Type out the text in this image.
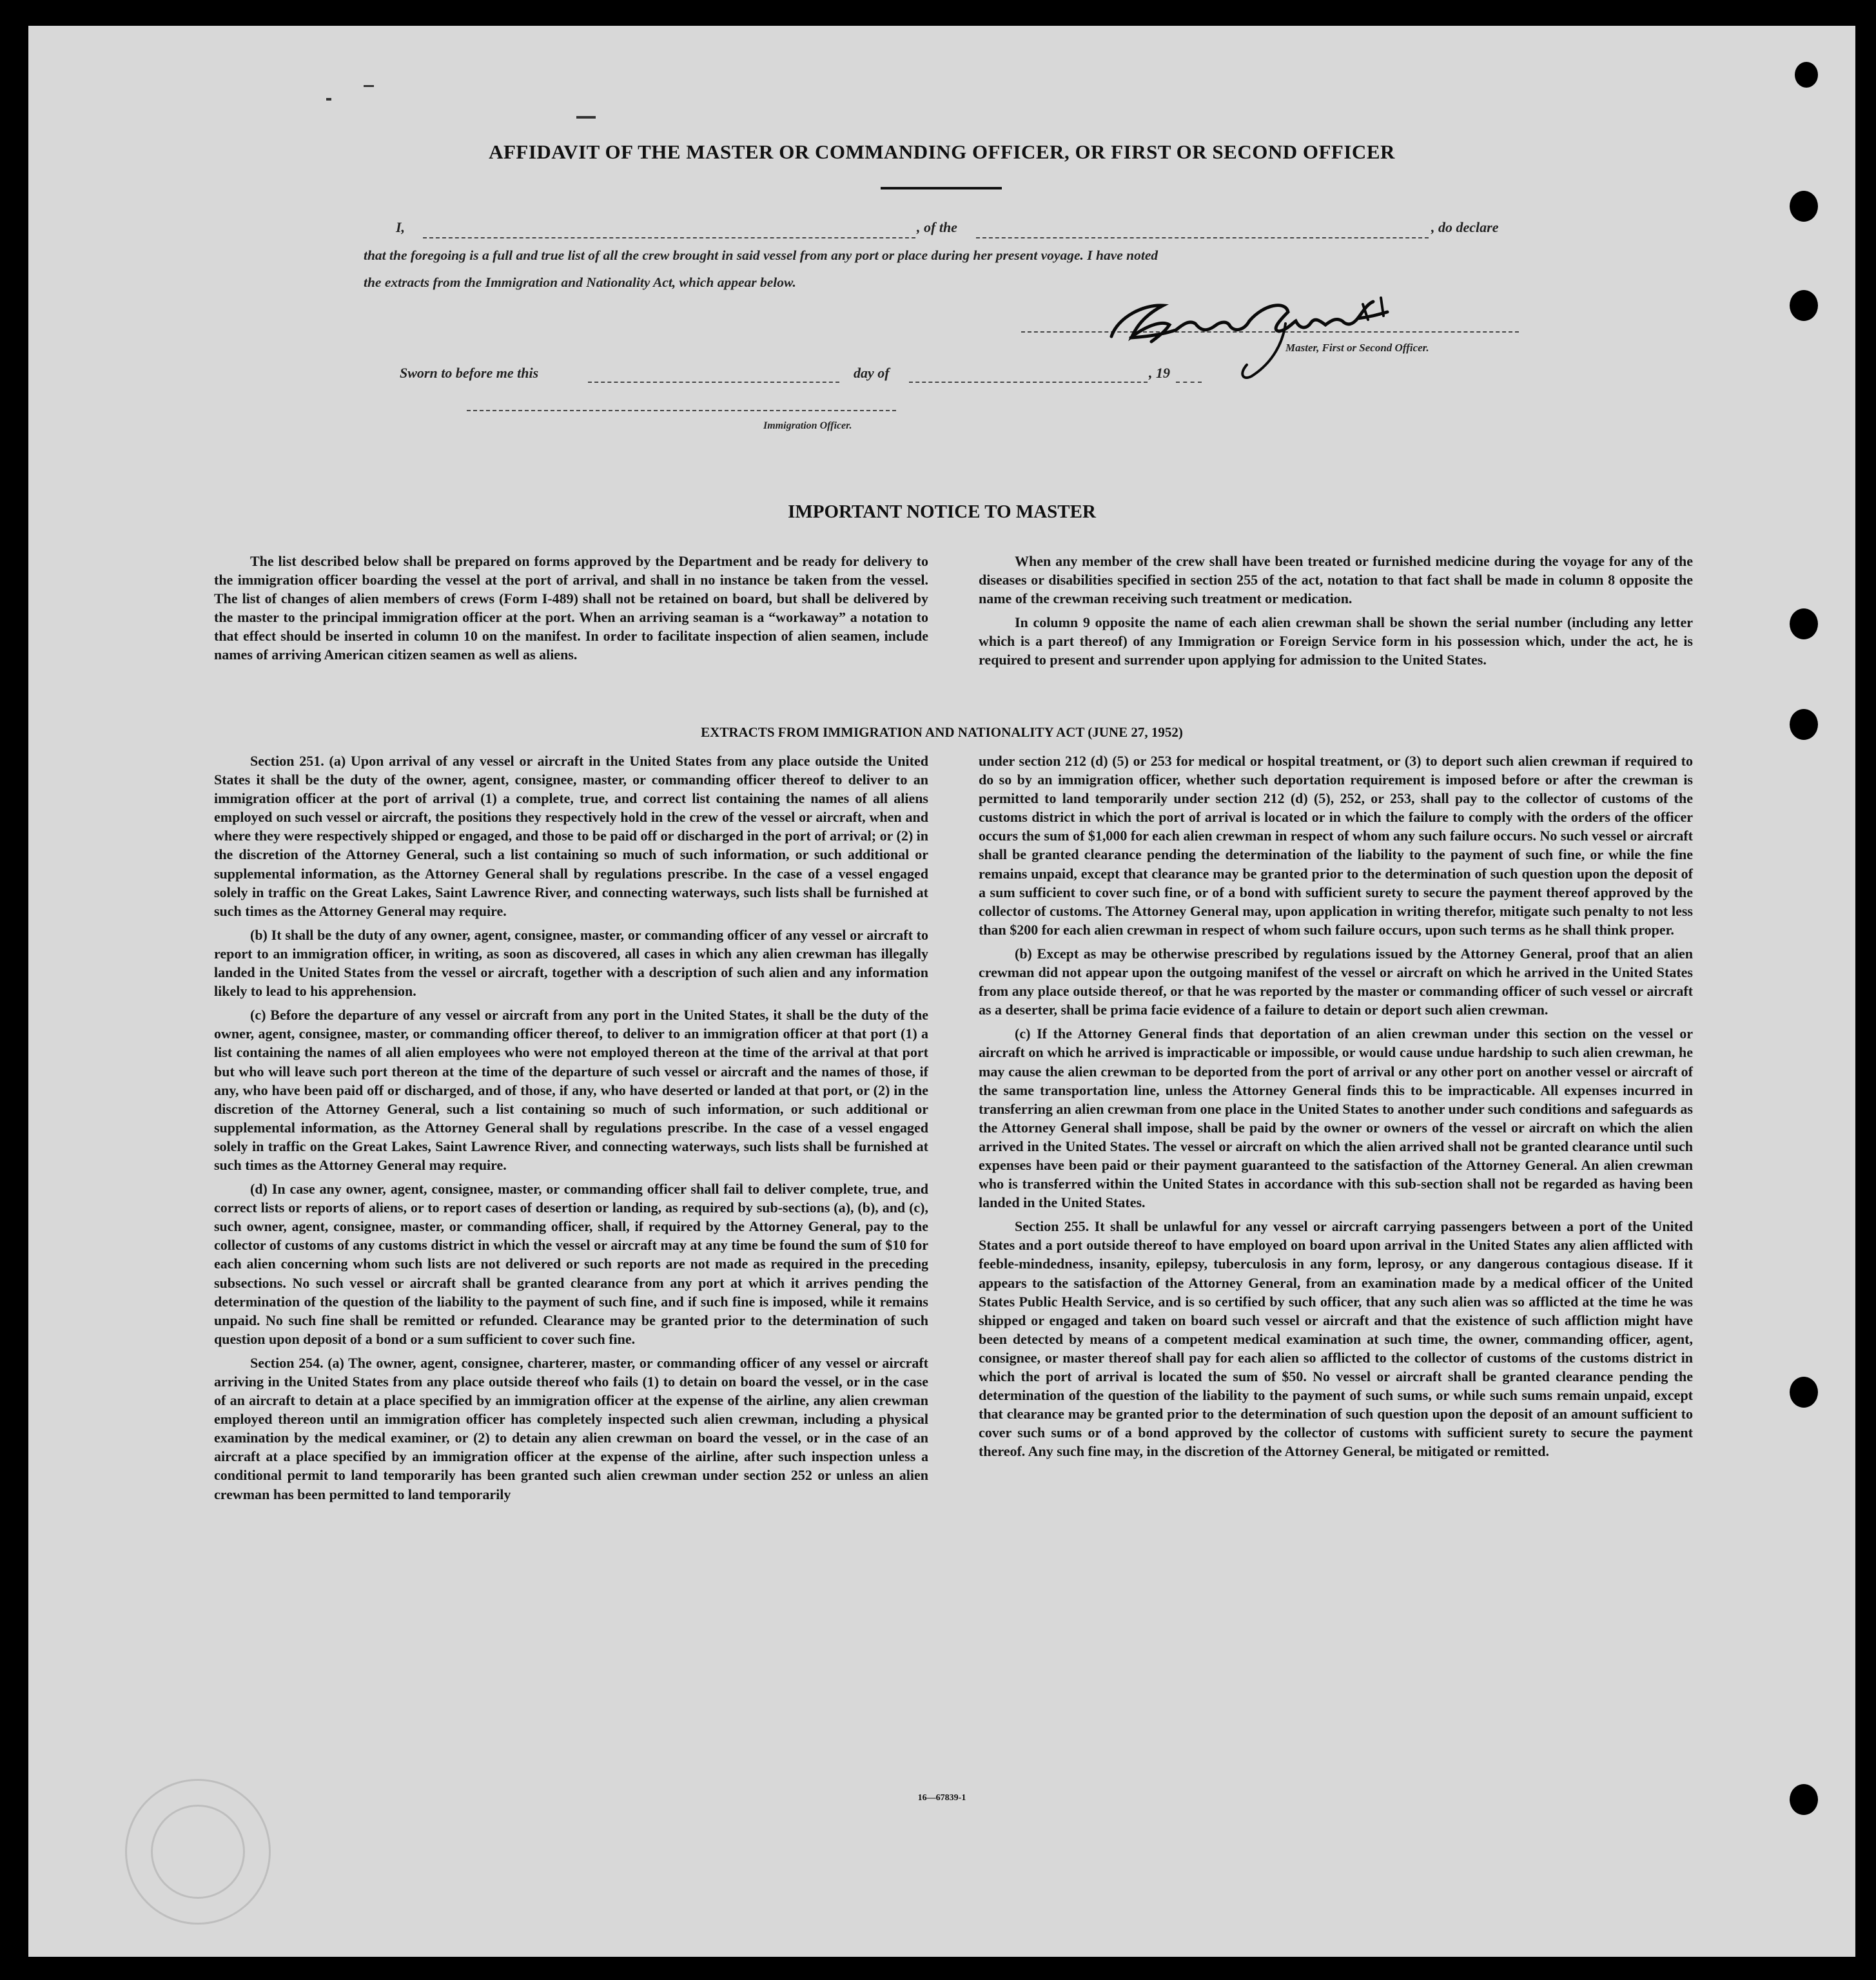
AFFIDAVIT OF THE MASTER OR COMMANDING OFFICER, OR FIRST OR SECOND OFFICER
I,	, of the	, do declare
that the foregoing is a full and true list of all the crew brought in said vessel from any port or place during her present voyage. I have noted
the extracts from the Immigration and Nationality Act, which appear below.
Master, First or Second Officer.
Sworn to before me this	day of	, 19
Immigration Officer.
IMPORTANT NOTICE TO MASTER

The list described below shall be prepared on forms approved by the Department and be ready for delivery to the immigration officer boarding the vessel at the port of arrival, and shall in no instance be taken from the vessel. The list of changes of alien members of crews (Form I-489) shall not be retained on board, but shall be delivered by the master to the principal immigration officer at the port. When an arriving seaman is a “workaway” a notation to that effect should be inserted in column 10 on the manifest. In order to facilitate inspection of alien seamen, include names of arriving American citizen seamen as well as aliens.

When any member of the crew shall have been treated or furnished medicine during the voyage for any of the diseases or disabilities specified in section 255 of the act, notation to that fact shall be made in column 8 opposite the name of the crewman receiving such treatment or medication.

In column 9 opposite the name of each alien crewman shall be shown the serial number (including any letter which is a part thereof) of any Immigration or Foreign Service form in his possession which, under the act, he is required to present and surrender upon applying for admission to the United States.

EXTRACTS FROM IMMIGRATION AND NATIONALITY ACT (JUNE 27, 1952)

Section 251. (a) Upon arrival of any vessel or aircraft in the United States from any place outside the United States it shall be the duty of the owner, agent, consignee, master, or commanding officer thereof to deliver to an immigration officer at the port of arrival (1) a complete, true, and correct list containing the names of all aliens employed on such vessel or aircraft, the positions they respectively hold in the crew of the vessel or aircraft, when and where they were respectively shipped or engaged, and those to be paid off or discharged in the port of arrival; or (2) in the discretion of the Attorney General, such a list containing so much of such information, or such additional or supplemental information, as the Attorney General shall by regulations prescribe. In the case of a vessel engaged solely in traffic on the Great Lakes, Saint Lawrence River, and connecting waterways, such lists shall be furnished at such times as the Attorney General may require.

(b) It shall be the duty of any owner, agent, consignee, master, or commanding officer of any vessel or aircraft to report to an immigration officer, in writing, as soon as discovered, all cases in which any alien crewman has illegally landed in the United States from the vessel or aircraft, together with a description of such alien and any information likely to lead to his apprehension.

(c) Before the departure of any vessel or aircraft from any port in the United States, it shall be the duty of the owner, agent, consignee, master, or commanding officer thereof, to deliver to an immigration officer at that port (1) a list containing the names of all alien employees who were not employed thereon at the time of the arrival at that port but who will leave such port thereon at the time of the departure of such vessel or aircraft and the names of those, if any, who have been paid off or discharged, and of those, if any, who have deserted or landed at that port, or (2) in the discretion of the Attorney General, such a list containing so much of such information, or such additional or supplemental information, as the Attorney General shall by regulations prescribe. In the case of a vessel engaged solely in traffic on the Great Lakes, Saint Lawrence River, and connecting waterways, such lists shall be furnished at such times as the Attorney General may require.

(d) In case any owner, agent, consignee, master, or commanding officer shall fail to deliver complete, true, and correct lists or reports of aliens, or to report cases of desertion or landing, as required by sub-sections (a), (b), and (c), such owner, agent, consignee, master, or commanding officer, shall, if required by the Attorney General, pay to the collector of customs of any customs district in which the vessel or aircraft may at any time be found the sum of $10 for each alien concerning whom such lists are not delivered or such reports are not made as required in the preceding subsections. No such vessel or aircraft shall be granted clearance from any port at which it arrives pending the determination of the question of the liability to the payment of such fine, and if such fine is imposed, while it remains unpaid. No such fine shall be remitted or refunded. Clearance may be granted prior to the determination of such question upon deposit of a bond or a sum sufficient to cover such fine.

Section 254. (a) The owner, agent, consignee, charterer, master, or commanding officer of any vessel or aircraft arriving in the United States from any place outside thereof who fails (1) to detain on board the vessel, or in the case of an aircraft to detain at a place specified by an immigration officer at the expense of the airline, any alien crewman employed thereon until an immigration officer has completely inspected such alien crewman, including a physical examination by the medical examiner, or (2) to detain any alien crewman on board the vessel, or in the case of an aircraft at a place specified by an immigration officer at the expense of the airline, after such inspection unless a conditional permit to land temporarily has been granted such alien crewman under section 252 or unless an alien crewman has been permitted to land temporarily

under section 212 (d) (5) or 253 for medical or hospital treatment, or (3) to deport such alien crewman if required to do so by an immigration officer, whether such deportation requirement is imposed before or after the crewman is permitted to land temporarily under section 212 (d) (5), 252, or 253, shall pay to the collector of customs of the customs district in which the port of arrival is located or in which the failure to comply with the orders of the officer occurs the sum of $1,000 for each alien crewman in respect of whom any such failure occurs. No such vessel or aircraft shall be granted clearance pending the determination of the liability to the payment of such fine, or while the fine remains unpaid, except that clearance may be granted prior to the determination of such question upon the deposit of a sum sufficient to cover such fine, or of a bond with sufficient surety to secure the payment thereof approved by the collector of customs. The Attorney General may, upon application in writing therefor, mitigate such penalty to not less than $200 for each alien crewman in respect of whom such failure occurs, upon such terms as he shall think proper.

(b) Except as may be otherwise prescribed by regulations issued by the Attorney General, proof that an alien crewman did not appear upon the outgoing manifest of the vessel or aircraft on which he arrived in the United States from any place outside thereof, or that he was reported by the master or commanding officer of such vessel or aircraft as a deserter, shall be prima facie evidence of a failure to detain or deport such alien crewman.

(c) If the Attorney General finds that deportation of an alien crewman under this section on the vessel or aircraft on which he arrived is impracticable or impossible, or would cause undue hardship to such alien crewman, he may cause the alien crewman to be deported from the port of arrival or any other port on another vessel or aircraft of the same transportation line, unless the Attorney General finds this to be impracticable. All expenses incurred in transferring an alien crewman from one place in the United States to another under such conditions and safeguards as the Attorney General shall impose, shall be paid by the owner or owners of the vessel or aircraft on which the alien arrived in the United States. The vessel or aircraft on which the alien arrived shall not be granted clearance until such expenses have been paid or their payment guaranteed to the satisfaction of the Attorney General. An alien crewman who is transferred within the United States in accordance with this sub-section shall not be regarded as having been landed in the United States.

Section 255. It shall be unlawful for any vessel or aircraft carrying passengers between a port of the United States and a port outside thereof to have employed on board upon arrival in the United States any alien afflicted with feeble-mindedness, insanity, epilepsy, tuberculosis in any form, leprosy, or any dangerous contagious disease. If it appears to the satisfaction of the Attorney General, from an examination made by a medical officer of the United States Public Health Service, and is so certified by such officer, that any such alien was so afflicted at the time he was shipped or engaged and taken on board such vessel or aircraft and that the existence of such affliction might have been detected by means of a competent medical examination at such time, the owner, commanding officer, agent, consignee, or master thereof shall pay for each alien so afflicted to the collector of customs of the customs district in which the port of arrival is located the sum of $50. No vessel or aircraft shall be granted clearance pending the determination of the question of the liability to the payment of such sums, or while such sums remain unpaid, except that clearance may be granted prior to the determination of such question upon the deposit of an amount sufficient to cover such sums or of a bond approved by the collector of customs with sufficient surety to secure the payment thereof. Any such fine may, in the discretion of the Attorney General, be mitigated or remitted.

16—67839-1
